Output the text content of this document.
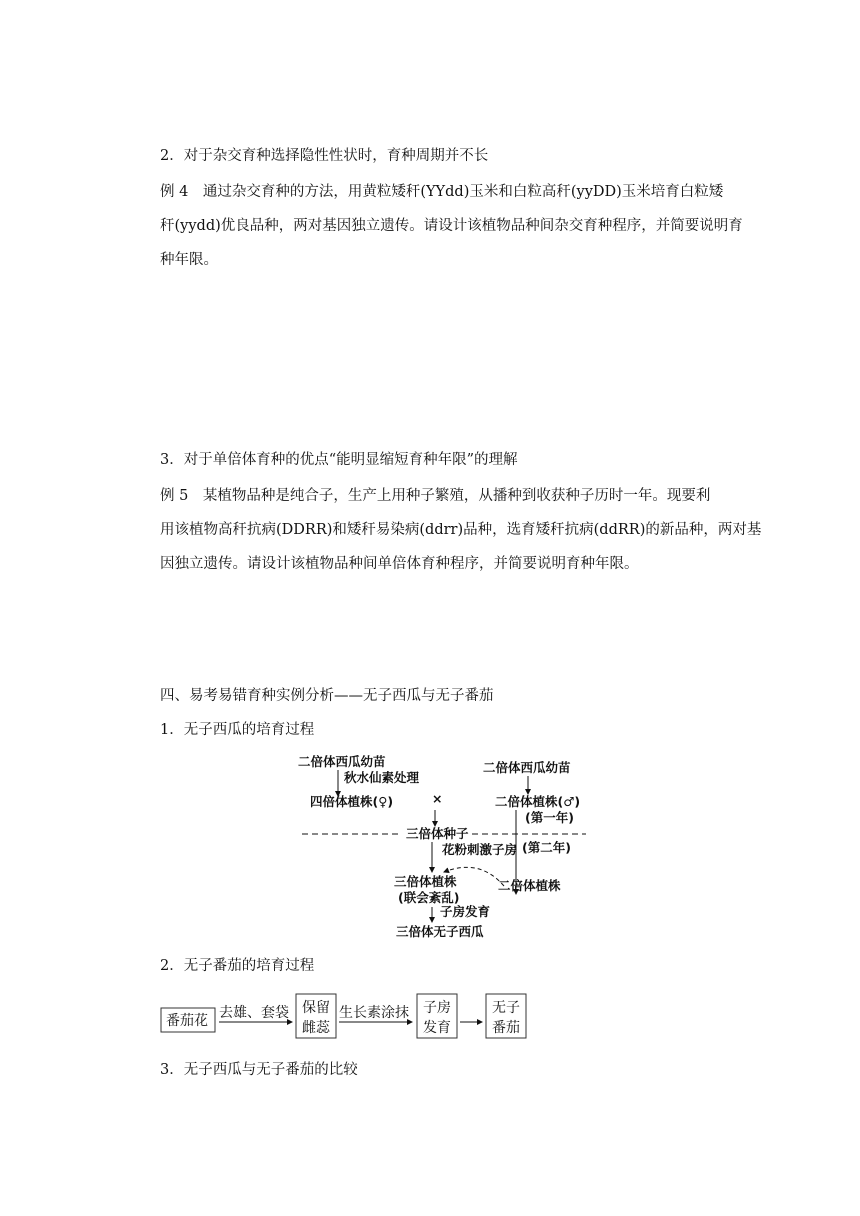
2．对于杂交育种选择隐性性状时，育种周期并不长
例 4　通过杂交育种的方法，用黄粒矮秆(YYdd)玉米和白粒高秆(yyDD)玉米培育白粒矮
秆(yydd)优良品种，两对基因独立遗传。请设计该植物品种间杂交育种程序，并简要说明育
种年限。
3．对于单倍体育种的优点“能明显缩短育种年限”的理解
例 5　某植物品种是纯合子，生产上用种子繁殖，从播种到收获种子历时一年。现要利
用该植物高秆抗病(DDRR)和矮秆易染病(ddrr)品种，选育矮秆抗病(ddRR)的新品种，两对基
因独立遗传。请设计该植物品种间单倍体育种程序，并简要说明育种年限。
四、易考易错育种实例分析——无子西瓜与无子番茄
1．无子西瓜的培育过程
二倍体西瓜幼苗
秋水仙素处理
四倍体植株(♀)	×
二倍体西瓜幼苗
二倍体植株(♂)
(第一年)
三倍体种子
(第二年)
花粉刺激子房
三倍体植株
(联会紊乱)
二倍体植株
子房发育
三倍体无子西瓜
2．无子番茄的培育过程
番茄花 去雄、套袋 保留
雌蕊
生长素涂抹 子房
发育
无子
番茄
3．无子西瓜与无子番茄的比较
